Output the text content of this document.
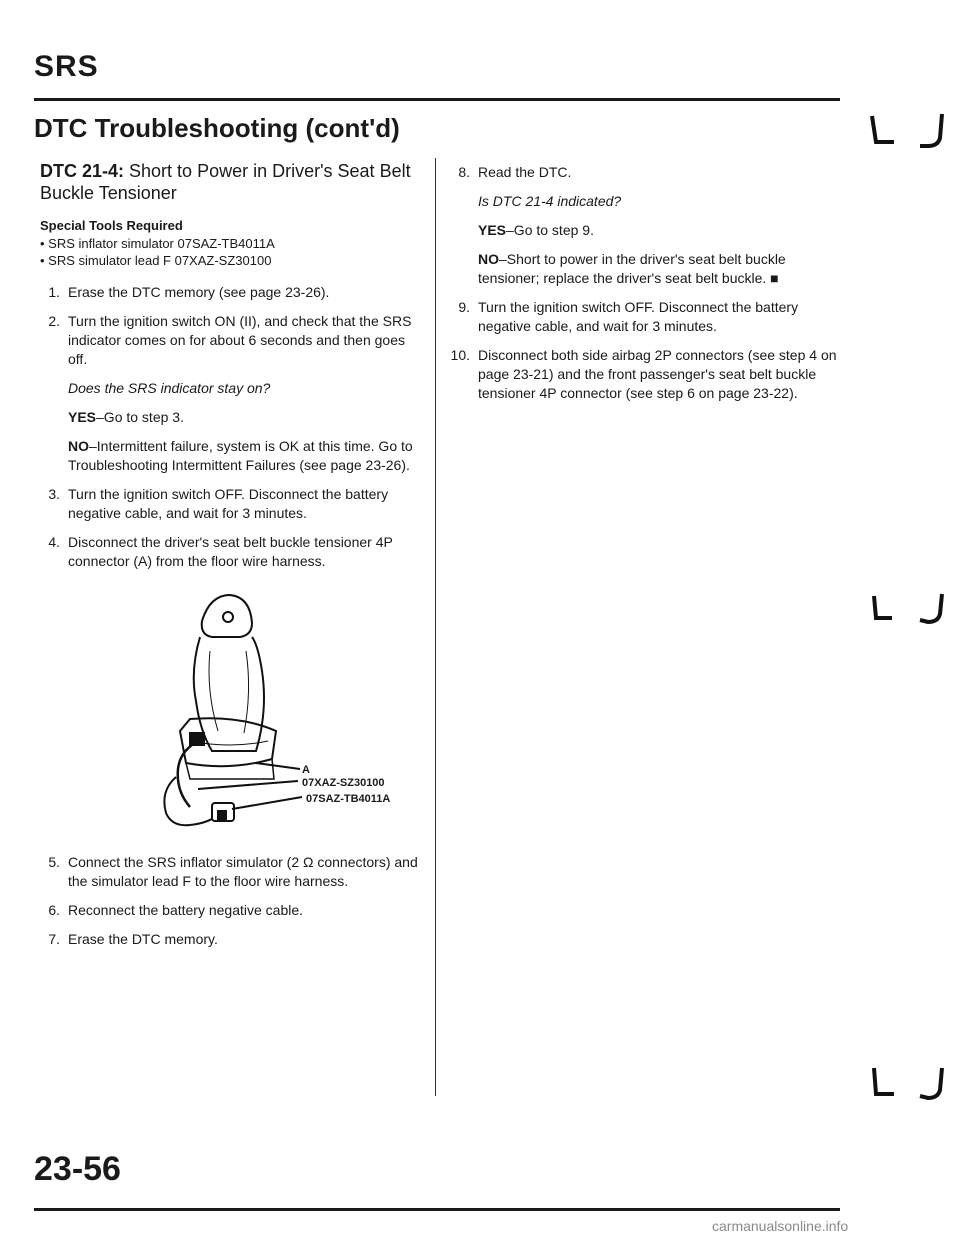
SRS
DTC Troubleshooting (cont'd)

DTC 21-4: Short to Power in Driver's Seat Belt Buckle Tensioner

Special Tools Required

• SRS inflator simulator 07SAZ-TB4011A

• SRS simulator lead F 07XAZ-SZ30100

1. Erase the DTC memory (see page 23-26).
2. Turn the ignition switch ON (II), and check that the SRS indicator comes on for about 6 seconds and then goes off.

Does the SRS indicator stay on?

YES–Go to step 3.

NO–Intermittent failure, system is OK at this time. Go to Troubleshooting Intermittent Failures (see page 23-26).

3. Turn the ignition switch OFF. Disconnect the battery negative cable, and wait for 3 minutes.
4. Disconnect the driver's seat belt buckle tensioner 4P connector (A) from the floor wire harness.
A
07XAZ-SZ30100
07SAZ-TB4011A
5. Connect the SRS inflator simulator (2 Ω connectors) and the simulator lead F to the floor wire harness.
6. Reconnect the battery negative cable.
7. Erase the DTC memory.
8. Read the DTC.

Is DTC 21-4 indicated?

YES–Go to step 9.

NO–Short to power in the driver's seat belt buckle tensioner; replace the driver's seat belt buckle. ■

9. Turn the ignition switch OFF. Disconnect the battery negative cable, and wait for 3 minutes.
10. Disconnect both side airbag 2P connectors (see step 4 on page 23-21) and the front passenger's seat belt buckle tensioner 4P connector (see step 6 on page 23-22).
23-56
carmanualsonline.info
